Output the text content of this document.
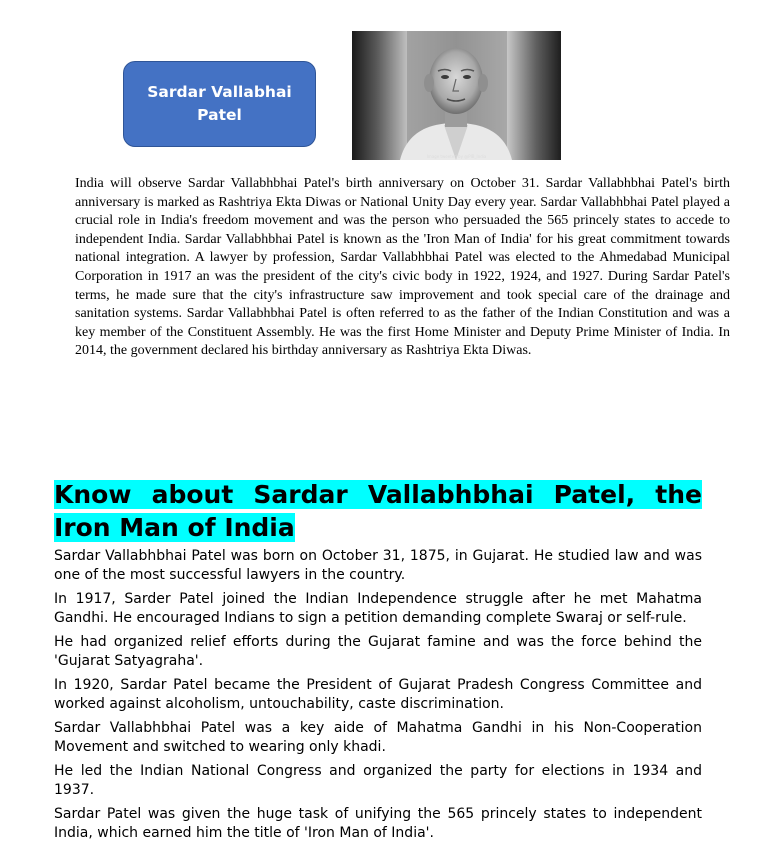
Sardar Vallabhai Patel
Image tweeted by @PIB_India

India will observe Sardar Vallabhbhai Patel's birth anniversary on October 31. Sardar Vallabhbhai Patel's birth anniversary is marked as Rashtriya Ekta Diwas or National Unity Day every year. Sardar Vallabhbhai Patel played a crucial role in India's freedom movement and was the person who persuaded the 565 princely states to accede to independent India. Sardar Vallabhbhai Patel is known as the 'Iron Man of India' for his great commitment towards national integration. A lawyer by profession, Sardar Vallabhbhai Patel was elected to the Ahmedabad Municipal Corporation in 1917 an was the president of the city's civic body in 1922, 1924, and 1927. During Sardar Patel's terms, he made sure that the city's infrastructure saw improvement and took special care of the drainage and sanitation systems. Sardar Vallabhbhai Patel is often referred to as the father of the Indian Constitution and was a key member of the Constituent Assembly. He was the first Home Minister and Deputy Prime Minister of India. In 2014, the government declared his birthday anniversary as Rashtriya Ekta Diwas.

Know about Sardar Vallabhbhai Patel, the Iron Man of India

Sardar Vallabhbhai Patel was born on October 31, 1875, in Gujarat. He studied law and was one of the most successful lawyers in the country.

In 1917, Sarder Patel joined the Indian Independence struggle after he met Mahatma Gandhi. He encouraged Indians to sign a petition demanding complete Swaraj or self-rule.

He had organized relief efforts during the Gujarat famine and was the force behind the 'Gujarat Satyagraha'.

In 1920, Sardar Patel became the President of Gujarat Pradesh Congress Committee and worked against alcoholism, untouchability, caste discrimination.

Sardar Vallabhbhai Patel was a key aide of Mahatma Gandhi in his Non-Cooperation Movement and switched to wearing only khadi.

He led the Indian National Congress and organized the party for elections in 1934 and 1937.

Sardar Patel was given the huge task of unifying the 565 princely states to independent India, which earned him the title of 'Iron Man of India'.
